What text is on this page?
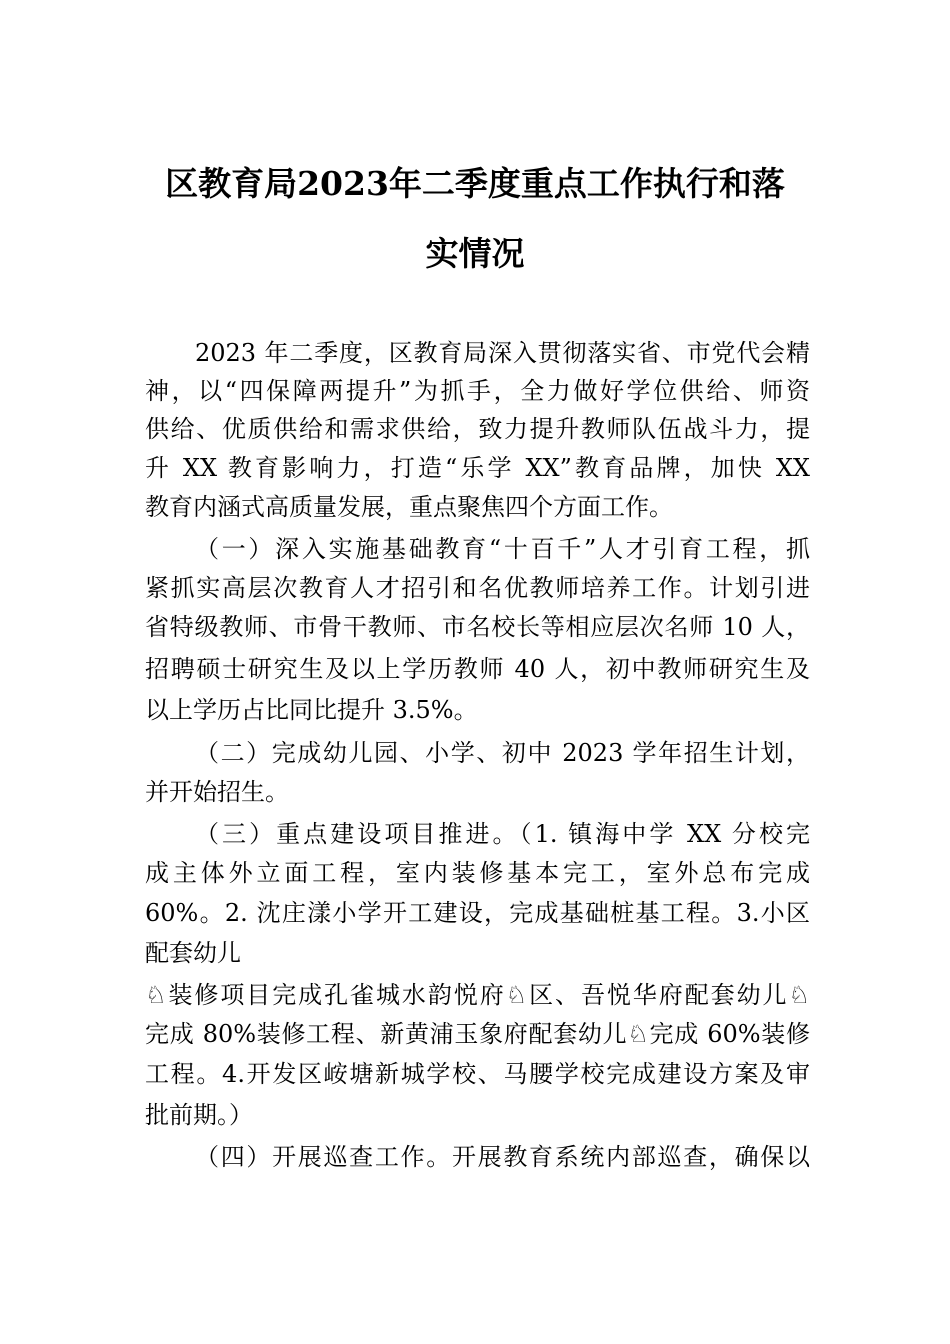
区教育局2023年二季度重点工作执行和落
实情况
2023 年二季度，区教育局深入贯彻落实省、市党代会精
神，以“四保障两提升”为抓手，全力做好学位供给、师资
供给、优质供给和需求供给，致力提升教师队伍战斗力，提
升 XX 教育影响力，打造“乐学 XX”教育品牌，加快 XX
教育内涵式高质量发展，重点聚焦四个方面工作。
（一）深入实施基础教育“十百千”人才引育工程，抓
紧抓实高层次教育人才招引和名优教师培养工作。计划引进
省特级教师、市骨干教师、市名校长等相应层次名师 10 人，
招聘硕士研究生及以上学历教师 40 人，初中教师研究生及
以上学历占比同比提升 3.5%。
（二）完成幼儿园、小学、初中 2023 学年招生计划，
并开始招生。
（三）重点建设项目推进。（1. 镇海中学 XX 分校完
成主体外立面工程，室内装修基本完工，室外总布完成
60%。2. 沈庄漾小学开工建设，完成基础桩基工程。3.小区
配套幼儿
♘装修项目完成孔雀城水韵悦府♘区、吾悦华府配套幼儿♘
完成 80%装修工程、新黄浦玉象府配套幼儿♘完成 60%装修
工程。4.开发区峖塘新城学校、马腰学校完成建设方案及审
批前期。）
（四）开展巡查工作。开展教育系统内部巡查，确保以
